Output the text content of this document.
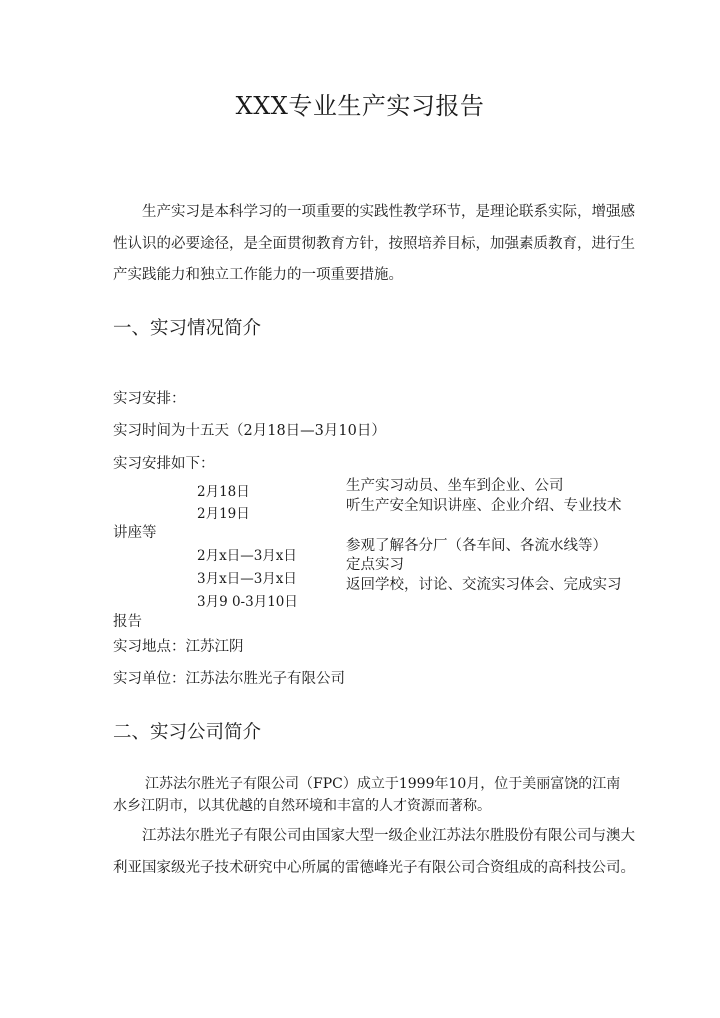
XXX专业生产实习报告
生产实习是本科学习的一项重要的实践性教学环节，是理论联系实际，增强感
性认识的必要途径，是全面贯彻教育方针，按照培养目标，加强素质教育，进行生
产实践能力和独立工作能力的一项重要措施。
一、实习情况简介
实习安排：
实习时间为十五天（2月18日—3月10日）
实习安排如下：
2月18日
2月19日
2月x日—3月x日
3月x日—3月x日
3月9 0-3月10日
生产实习动员、坐车到企业、公司
听生产安全知识讲座、企业介绍、专业技术
参观了解各分厂（各车间、各流水线等）
定点实习
返回学校，讨论、交流实习体会、完成实习
讲座等
报告
实习地点：江苏江阴
实习单位：江苏法尔胜光子有限公司
二、实习公司简介
江苏法尔胜光子有限公司（FPC）成立于1999年10月，位于美丽富饶的江南
水乡江阴市，以其优越的自然环境和丰富的人才资源而著称。
江苏法尔胜光子有限公司由国家大型一级企业江苏法尔胜股份有限公司与澳大
利亚国家级光子技术研究中心所属的雷德峰光子有限公司合资组成的高科技公司。
